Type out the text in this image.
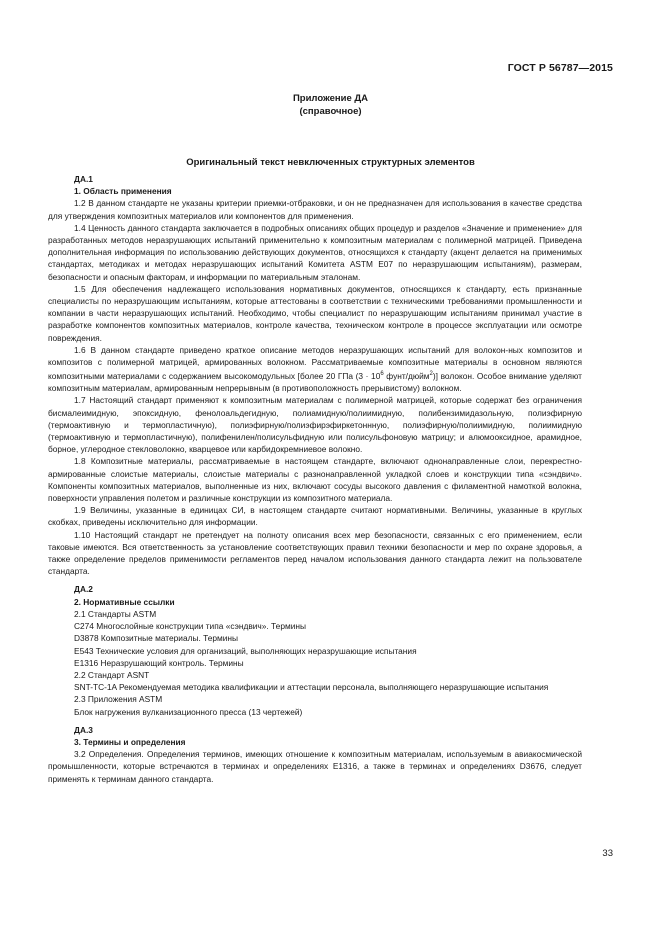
ГОСТ Р 56787—2015
Приложение ДА
(справочное)
Оригинальный текст невключенных структурных элементов
ДА.1
1. Область применения

1.2 В данном стандарте не указаны критерии приемки-отбраковки, и он не предназначен для использования в качестве средства для утверждения композитных материалов или компонентов для применения.

1.4 Ценность данного стандарта заключается в подробных описаниях общих процедур и разделов «Значение и применение» для разработанных методов неразрушающих испытаний применительно к композитным материалам с полимерной матрицей. Приведена дополнительная информация по использованию действующих документов, относящихся к стандарту (акцент делается на применимых стандартах, методиках и методах неразрушающих испытаний Комитета ASTM E07 по неразрушающим испытаниям), размерам, безопасности и опасным факторам, и информации по материальным эталонам.

1.5 Для обеспечения надлежащего использования нормативных документов, относящихся к стандарту, есть признанные специалисты по неразрушающим испытаниям, которые аттестованы в соответствии с техническими требованиями промышленности и компании в части неразрушающих испытаний. Необходимо, чтобы специалист по неразрушающим испытаниям принимал участие в разработке компонентов композитных материалов, контроле качества, техническом контроле в процессе эксплуатации или осмотре повреждения.

1.6 В данном стандарте приведено краткое описание методов неразрушающих испытаний для волокон-ных композитов и композитов с полимерной матрицей, армированных волокном. Рассматриваемые композитные материалы в основном являются композитными материалами с содержанием высокомодульных [более 20 ГПа ($3 \cdot 10^6$ фунт/дюйм$^2$)] волокон. Особое внимание уделяют композитным материалам, армированным непрерывным (в противоположность прерывистому) волокном.

1.7 Настоящий стандарт применяют к композитным материалам с полимерной матрицей, которые содержат без ограничения бисмалеимидную, эпоксидную, фенолоальдегидную, полиамидную/полиимидную, полибензимидазольную, полиэфирную (термоактивную и термопластичную), полиэфирную/полиэфирэфиркетоннную, полиэфирную/полиимидную, полиимидную (термоактивную и термопластичную), полифенилен/полисульфидную или полисульфоновую матрицу; и алюмооксидное, арамидное, борное, углеродное стекловолокно, кварцевое или карбидокремниевое волокно.

1.8 Композитные материалы, рассматриваемые в настоящем стандарте, включают однонаправленные слои, перекрестно-армированные слоистые материалы, слоистые материалы с разнонаправленной укладкой слоев и конструкции типа «сэндвич». Компоненты композитных материалов, выполненные из них, включают сосуды высокого давления с филаментной намоткой волокна, поверхности управления полетом и различные конструкции из композитного материала.

1.9 Величины, указанные в единицах СИ, в настоящем стандарте считают нормативными. Величины, указанные в круглых скобках, приведены исключительно для информации.

1.10 Настоящий стандарт не претендует на полноту описания всех мер безопасности, связанных с его применением, если таковые имеются. Вся ответственность за установление соответствующих правил техники безопасности и мер по охране здоровья, а также определение пределов применимости регламентов перед началом использования данного стандарта лежит на пользователе стандарта.

ДА.2
2. Нормативные ссылки

2.1 Стандарты ASTM

C274 Многослойные конструкции типа «сэндвич». Термины

D3878 Композитные материалы. Термины

E543 Технические условия для организаций, выполняющих неразрушающие испытания

E1316 Неразрушающий контроль. Термины

2.2 Стандарт ASNT

SNT-TC-1A Рекомендуемая методика квалификации и аттестации персонала, выполняющего неразрушающие испытания

2.3 Приложения ASTM

Блок нагружения вулканизационного пресса (13 чертежей)

ДА.3
3. Термины и определения

3.2 Определения. Определения терминов, имеющих отношение к композитным материалам, используемым в авиакосмической промышленности, которые встречаются в терминах и определениях E1316, а также в терминах и определениях D3676, следует применять к терминам данного стандарта.

33
